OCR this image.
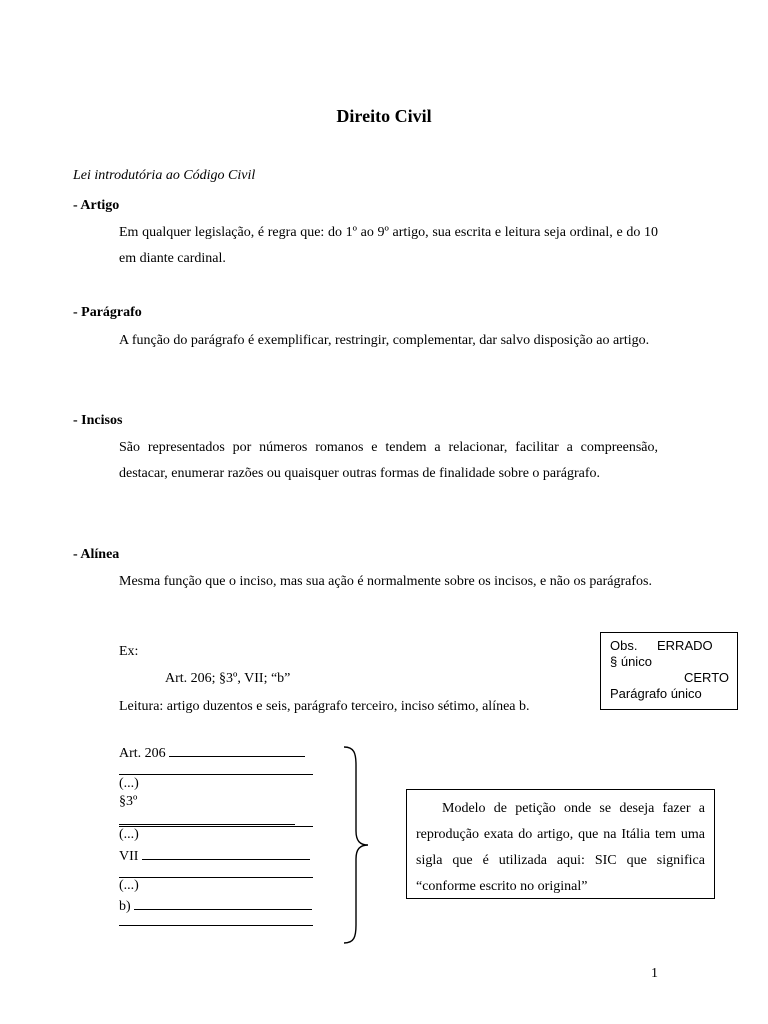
Direito Civil
Lei introdutória ao Código Civil
- Artigo
Em qualquer legislação, é regra que: do 1º ao 9º artigo, sua escrita e leitura seja ordinal, e do 10 em diante cardinal.
- Parágrafo
A função do parágrafo é exemplificar, restringir, complementar, dar salvo disposição ao artigo.
- Incisos
São representados por números romanos e tendem a relacionar, facilitar a compreensão, destacar, enumerar razões ou quaisquer outras formas de finalidade sobre o parágrafo.
- Alínea
Mesma função que o inciso, mas sua ação é normalmente sobre os incisos, e não os parágrafos.
Ex:
Art. 206; §3º, VII; “b”
Leitura: artigo duzentos e seis, parágrafo terceiro, inciso sétimo, alínea b.
Obs. ERRADO
§ único
CERTO
Parágrafo único
Art. 206
(...)
§3º
(...)
VII
(...)
b)
Modelo de petição onde se deseja fazer a reprodução exata do artigo, que na Itália tem uma sigla que é utilizada aqui: SIC que significa “conforme escrito no original”
1
